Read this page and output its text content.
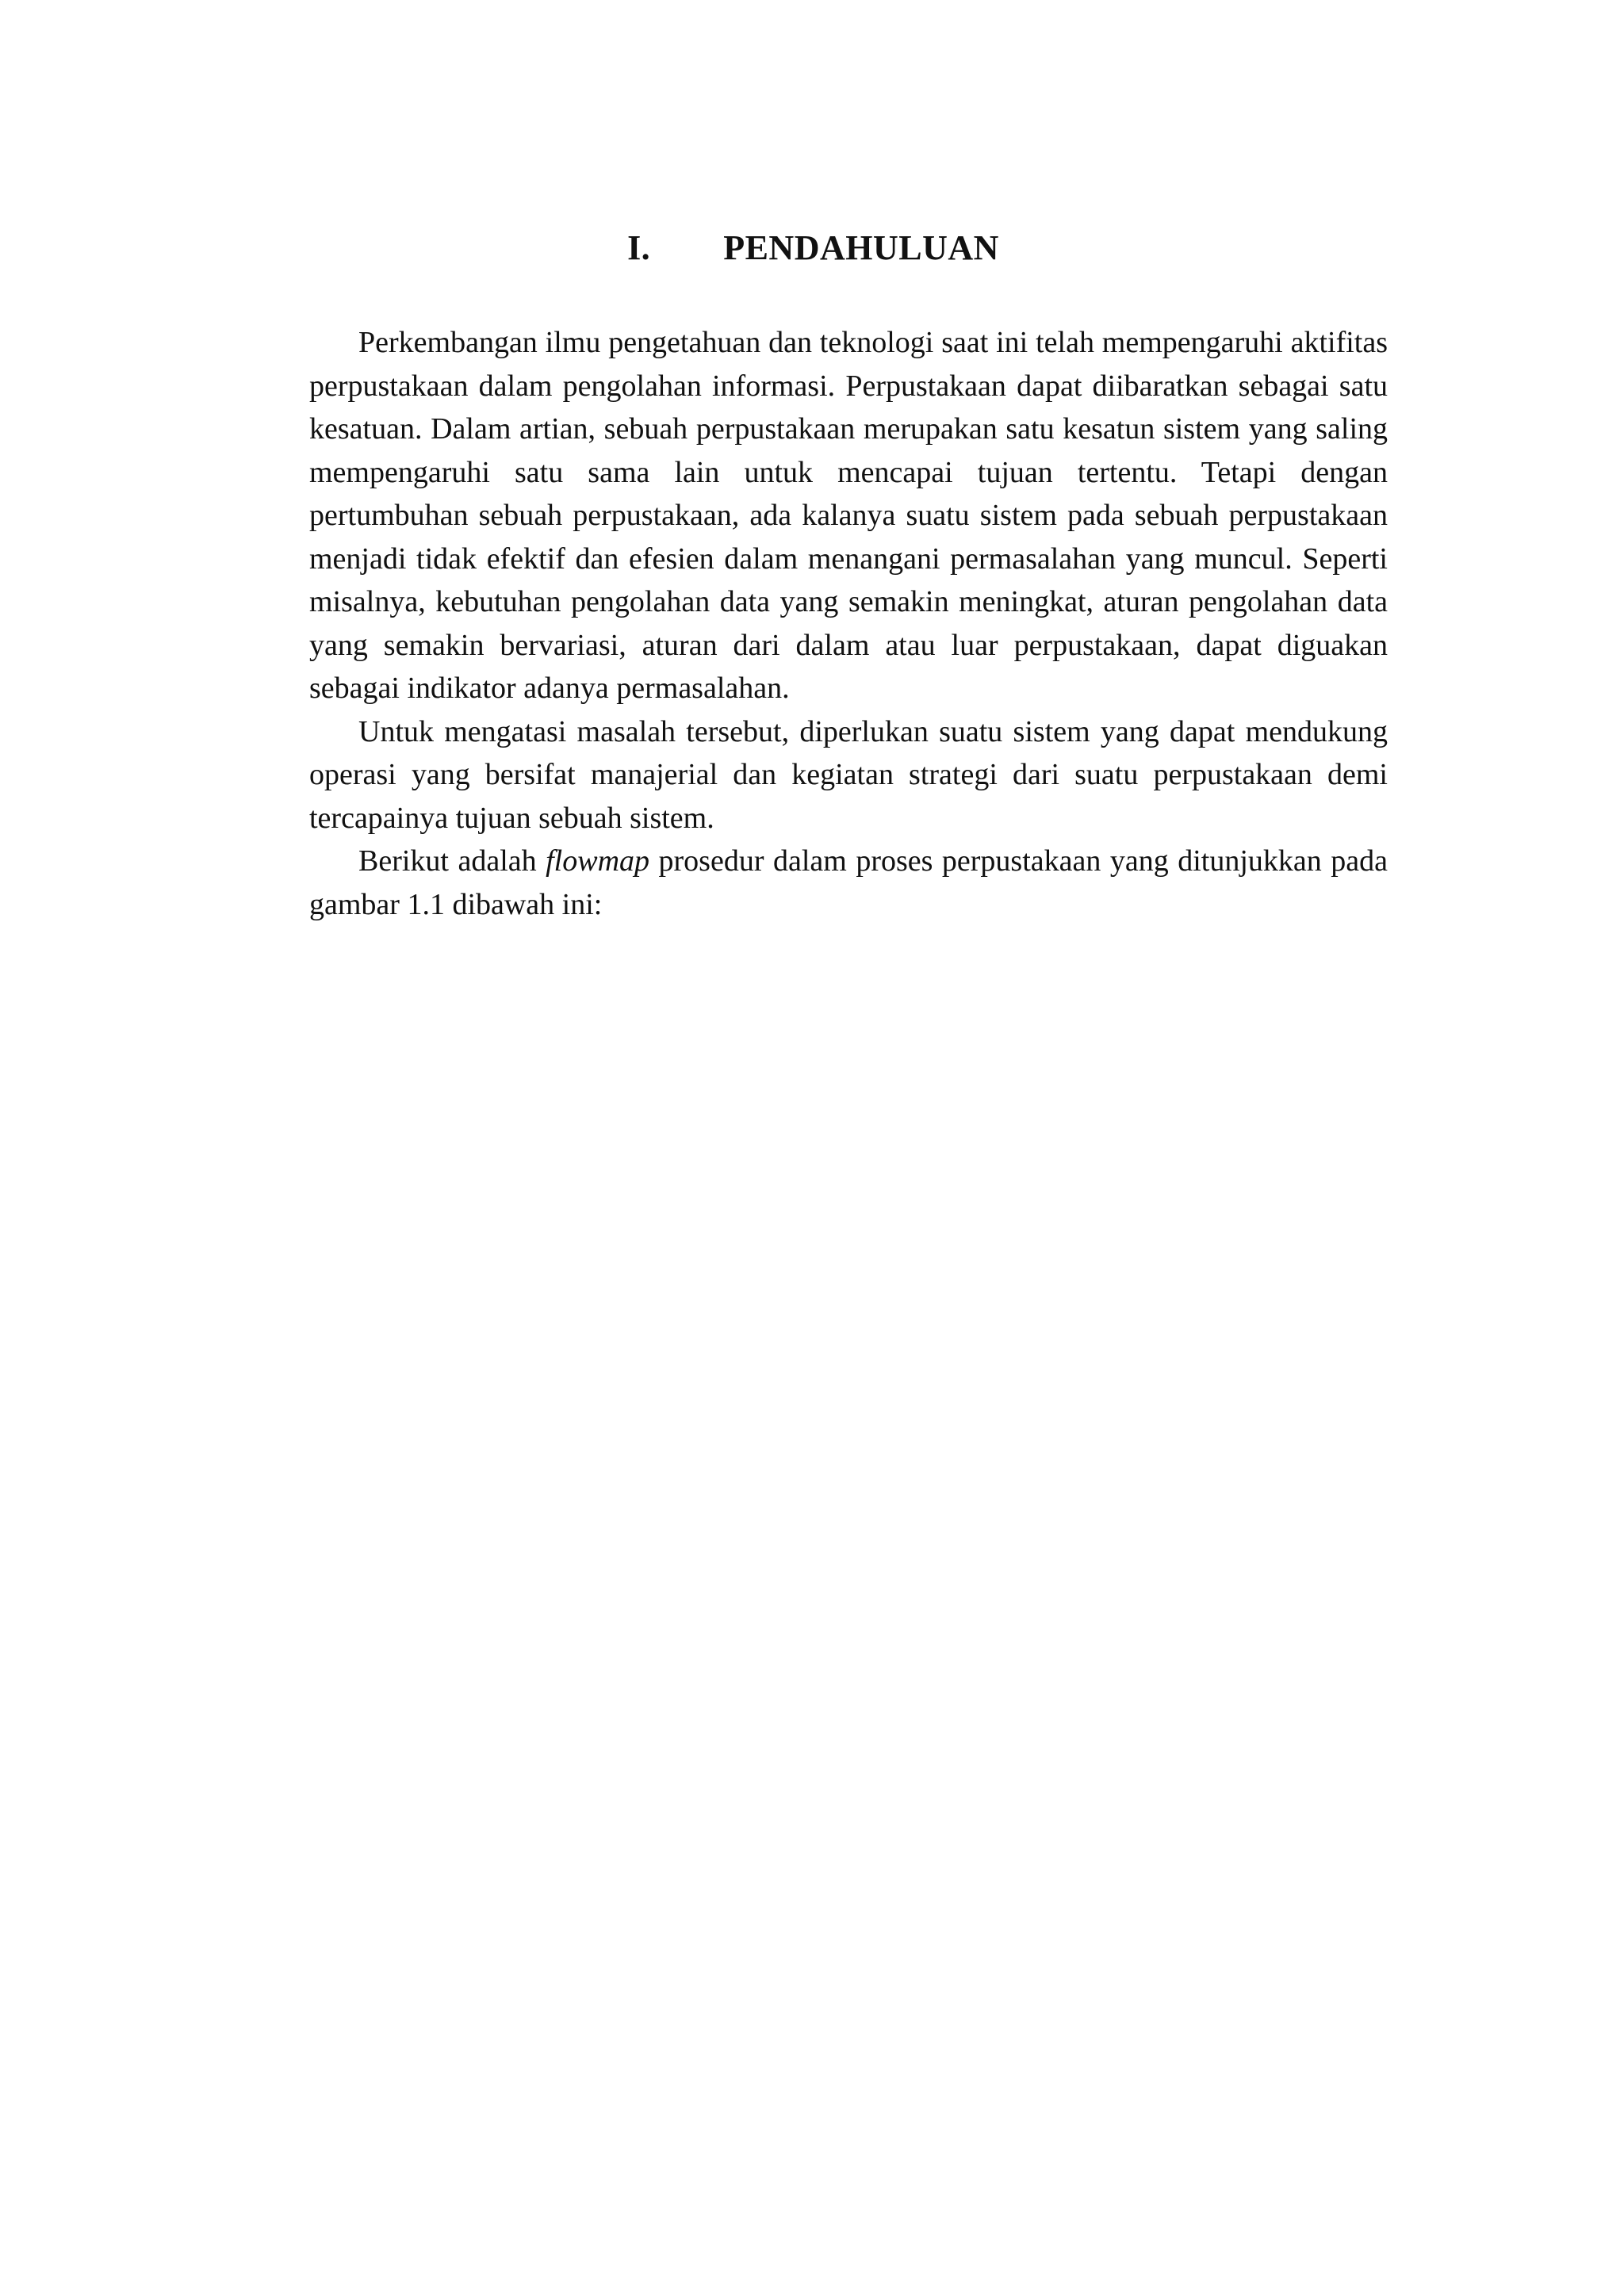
I. PENDAHULUAN

Perkembangan ilmu pengetahuan dan teknologi saat ini telah mempengaruhi aktifitas perpustakaan dalam pengolahan informasi. Perpustakaan dapat diibaratkan sebagai satu kesatuan. Dalam artian, sebuah perpustakaan merupakan satu kesatun sistem yang saling mempengaruhi satu sama lain untuk mencapai tujuan tertentu. Tetapi dengan pertumbuhan sebuah perpustakaan, ada kalanya suatu sistem pada sebuah perpustakaan menjadi tidak efektif dan efesien dalam menangani permasalahan yang muncul. Seperti misalnya, kebutuhan pengolahan data yang semakin meningkat, aturan pengolahan data yang semakin bervariasi, aturan dari dalam atau luar perpustakaan, dapat diguakan sebagai indikator adanya permasalahan.

Untuk mengatasi masalah tersebut, diperlukan suatu sistem yang dapat mendukung operasi yang bersifat manajerial dan kegiatan strategi dari suatu perpustakaan demi tercapainya tujuan sebuah sistem.

Berikut adalah flowmap prosedur dalam proses perpustakaan yang ditunjukkan pada gambar 1.1 dibawah ini:
